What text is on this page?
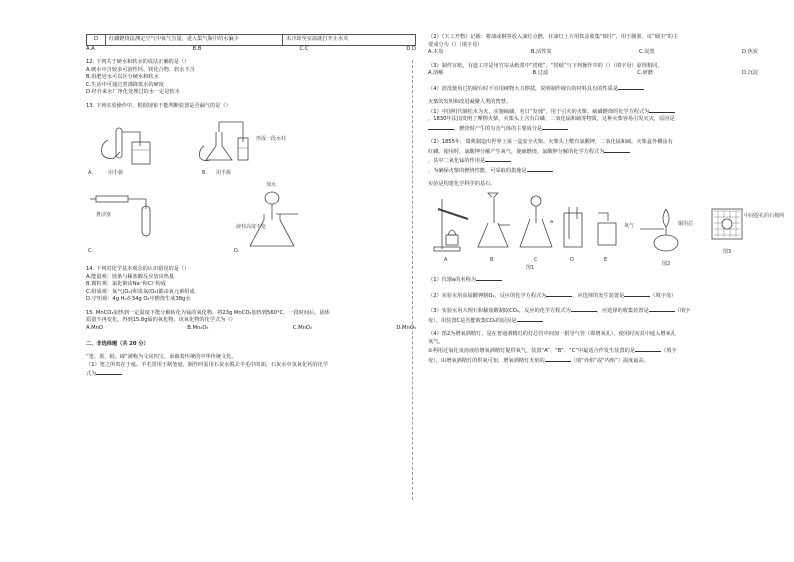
D	红磷燃烧法测定空气中氧气含量，进入集气瓶中的水偏少	未冷却至室温就打开止水夹
A.A	B.B	C.C	D.D

12. 下列关于硬水和软水的说法正确的是（）

A.硬水中含较多可溶性钙、镁化合物，软水不含

B.用肥皂水可以区分硬水和软水

C.生活中可通过煮沸降低水的硬度

D.经自来水厂净化处理过的水一定是软水

13. 下列实验操作中，根据现象不能判断装置是否漏气的是（）

用手握
A.
形成一段水柱
B. 用手握
推活塞
C.
加水
液柱高度不变
D.

14. 下列对化学基本观念的认识错误的是（）

A.能量观：镁条与稀盐酸反应放出热量

B.微粒观：氯化钠由Na⁺和Cl⁻构成

C.组成观：氧气(O₂)和臭氧(O₃)都由氧元素组成

D.守恒观：4g H₂在34g O₂中燃烧生成38g水

15. MnCO₃加热到一定温度下能分解转化为锰的氧化物。将23g MnCO₃加热到560°C，一段时间后，固体

质量不再变化，得到15.8g锰的氧化物。该氧化物的化学式为（）

A.MnO	B.Mn₂O₃	C.MnO₂	D.MnO₃

二、非选择题（共 20 分）

“笔、墨、纸、砚”被称为文房四宝，承载着传统的中华传统文化。

（1）笔之所贵在于毫。羊毛常用于制笔毫，制作时需用石灰水脱去羊毛中的油，石灰水中氢氧化钙的化学

式为

（2）《天工开物》记载：将油或桐等放入油灯点燃，在油灯上方用铁盖收集“烟尘”，用于制墨。该“烟尘”的主

要成分为（）（填字母）

A.木炭	B.活性炭	C.炭黑	D.焦炭

（3）制作宣纸，有道工序是用竹帘从纸浆中“捞纸”，“捞纸”与下列操作中的（）（填字母）原理相同。

A.溶解	B.过滤	C.研磨	D.沉淀

（4）清洗使用过的砚台时不宜用硬物大力擦拭，说明制作砚台的材料具有的性质是

火柴的发明和改进凝聚人类的智慧。

（1）中国明代制松木为火，实施硫磺，名日“发烛”，用于引火的火柴，硫磺燃烧的化学方程式为

。1830年法国发明了摩擦火柴，火柴头上含有白磷，二氧化锰和硫等物质，这种火柴容易引发火灾，原因是

，燃烧时产生的有害气体的主要成分是

（2）1855年，瑞典制造出世界上第一盒安全火柴。火柴头上敷有氯酸钾，二氧化锰和硫。火柴盒外侧涂有

红磷。使用时，氯酸钾分解产生氧气，使硫燃烧，氯酸钾分解的化学方程式为

，其中二氧化锰的作用是

，为确保火柴的燃烧性能，可采取的措施是

实验是构建化学科学的基石。

A	B
a
C	D	E
图1
氧气	铜箔芯
图2
中间挖孔的石棉网
图3

（1）仪器a的名称为

（2）实验室用高锰酸钾制O₂，反应的化学方程式为	，应选择的发生装置是	（填字母）

（3）实验室用大理石和稀盐酸制取CO₂，反应的化学方程式为	，应选择的收集装置是	（填字

母）。用装置C是否能收集CO₂的原因是

（4）图2为增氧酒精灯，是在普通酒精灯的灯芯管中间加一根导气管（即增氧孔），使用时向其中通入增氧孔

氧气。

①利用过氧化氢溶液给增氧酒精灯提供氧气，装置“A”、“B”、“C”中最适合作发生装置的是	（填字

母），由增氧酒精灯的供氧可知，增氧酒精灯火焰的	（填“外焰”或“内焰”）温度最高。
